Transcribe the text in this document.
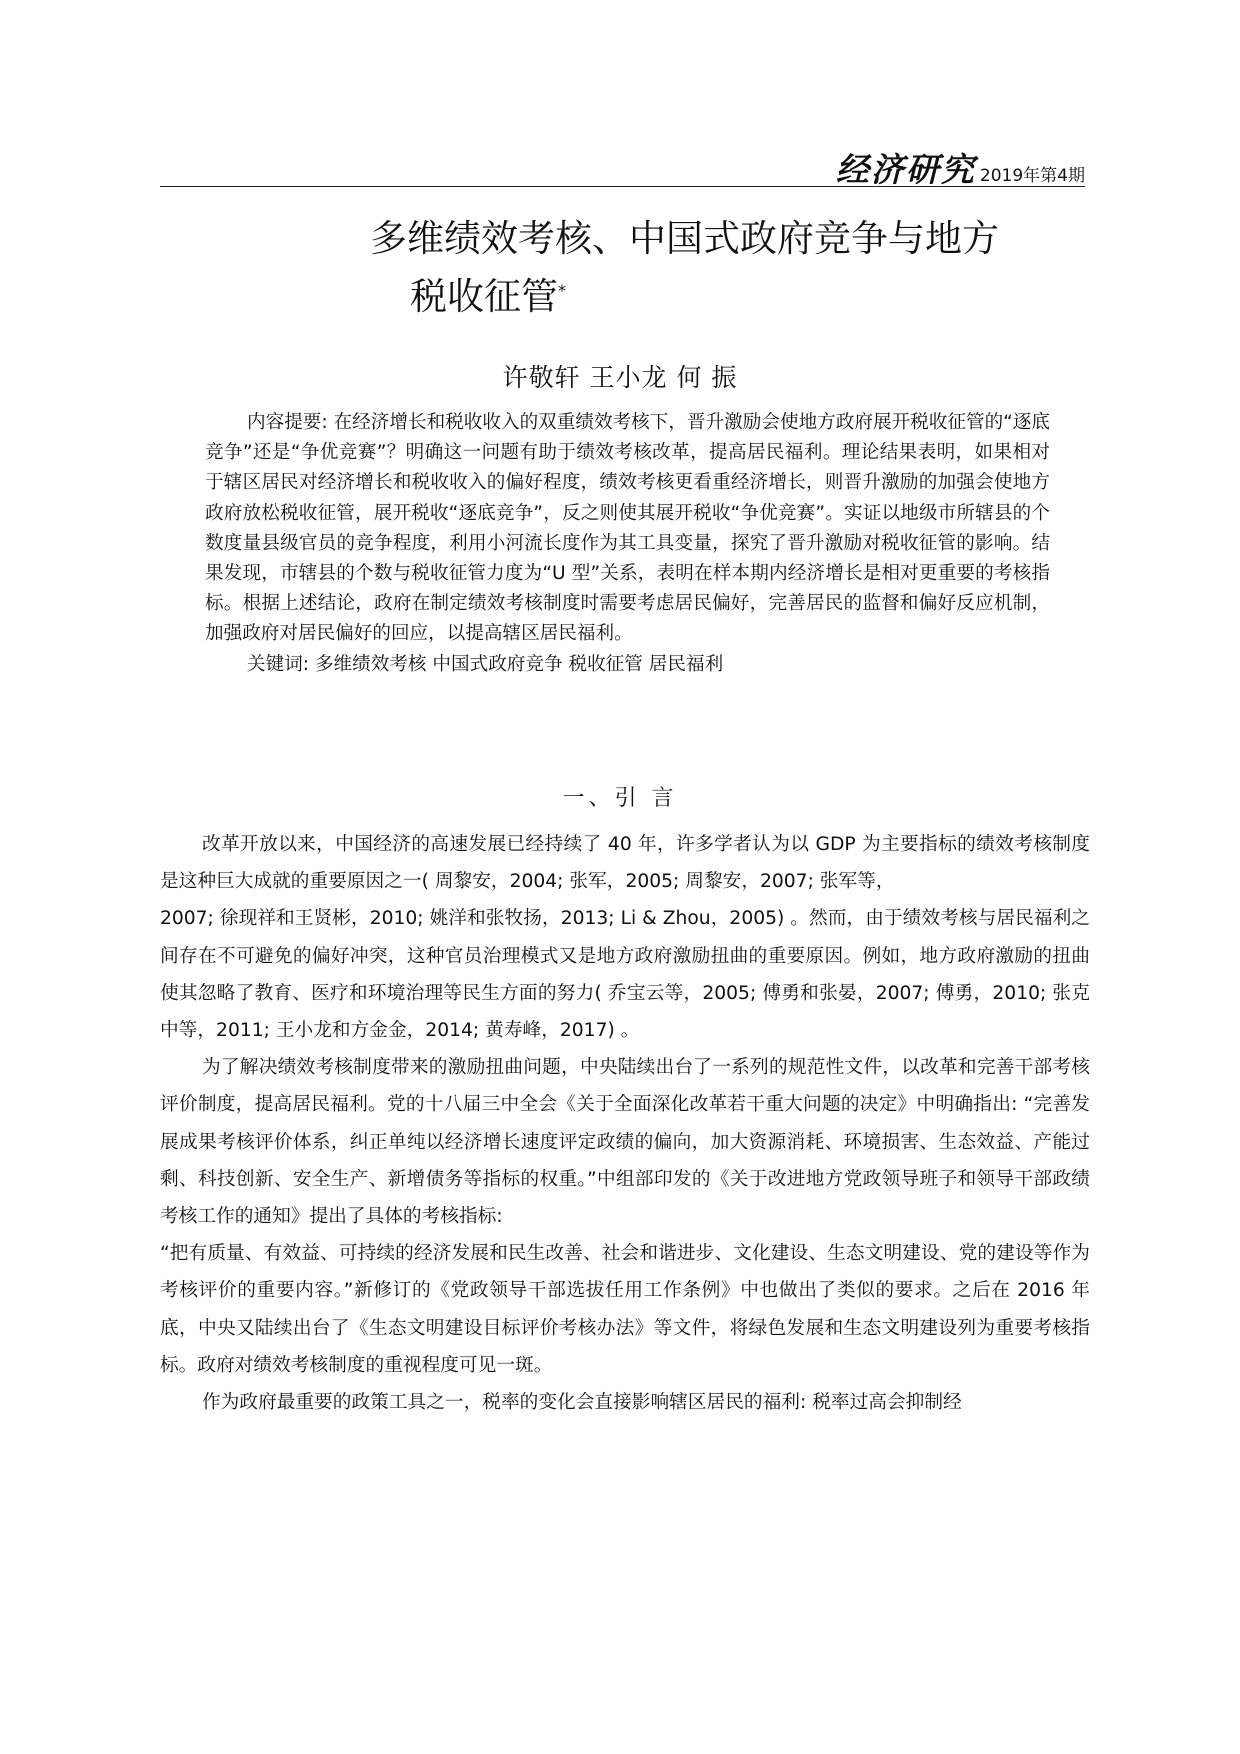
经济研究 2019年第4期
多维绩效考核、中国式政府竞争与地方
税收征管*
许敬轩 王小龙 何 振

内容提要: 在经济增长和税收收入的双重绩效考核下，晋升激励会使地方政府展开税收征管的“逐底竞争”还是“争优竞赛”？明确这一问题有助于绩效考核改革，提高居民福利。理论结果表明，如果相对于辖区居民对经济增长和税收收入的偏好程度，绩效考核更看重经济增长，则晋升激励的加强会使地方政府放松税收征管，展开税收“逐底竞争”，反之则使其展开税收“争优竞赛”。实证以地级市所辖县的个数度量县级官员的竞争程度，利用小河流长度作为其工具变量，探究了晋升激励对税收征管的影响。结果发现，市辖县的个数与税收征管力度为“U 型”关系，表明在样本期内经济增长是相对更重要的考核指标。根据上述结论，政府在制定绩效考核制度时需要考虑居民偏好，完善居民的监督和偏好反应机制，加强政府对居民偏好的回应，以提高辖区居民福利。

关键词: 多维绩效考核 中国式政府竞争 税收征管 居民福利

一、引 言

改革开放以来，中国经济的高速发展已经持续了 40 年，许多学者认为以 GDP 为主要指标的绩效考核制度是这种巨大成就的重要原因之一( 周黎安，2004; 张军，2005; 周黎安，2007; 张军等，

2007; 徐现祥和王贤彬，2010; 姚洋和张牧扬，2013; Li & Zhou，2005) 。然而，由于绩效考核与居民福利之间存在不可避免的偏好冲突，这种官员治理模式又是地方政府激励扭曲的重要原因。例如，地方政府激励的扭曲使其忽略了教育、医疗和环境治理等民生方面的努力( 乔宝云等，2005; 傅勇和张晏，2007; 傅勇，2010; 张克中等，2011; 王小龙和方金金，2014; 黄寿峰，2017) 。

为了解决绩效考核制度带来的激励扭曲问题，中央陆续出台了一系列的规范性文件，以改革和完善干部考核评价制度，提高居民福利。党的十八届三中全会《关于全面深化改革若干重大问题的决定》中明确指出: “完善发展成果考核评价体系，纠正单纯以经济增长速度评定政绩的偏向，加大资源消耗、环境损害、生态效益、产能过剩、科技创新、安全生产、新增债务等指标的权重。”中组部印发的《关于改进地方党政领导班子和领导干部政绩考核工作的通知》提出了具体的考核指标:

“把有质量、有效益、可持续的经济发展和民生改善、社会和谐进步、文化建设、生态文明建设、党的建设等作为考核评价的重要内容。”新修订的《党政领导干部选拔任用工作条例》中也做出了类似的要求。之后在 2016 年底，中央又陆续出台了《生态文明建设目标评价考核办法》等文件，将绿色发展和生态文明建设列为重要考核指标。政府对绩效考核制度的重视程度可见一斑。

作为政府最重要的政策工具之一，税率的变化会直接影响辖区居民的福利: 税率过高会抑制经
